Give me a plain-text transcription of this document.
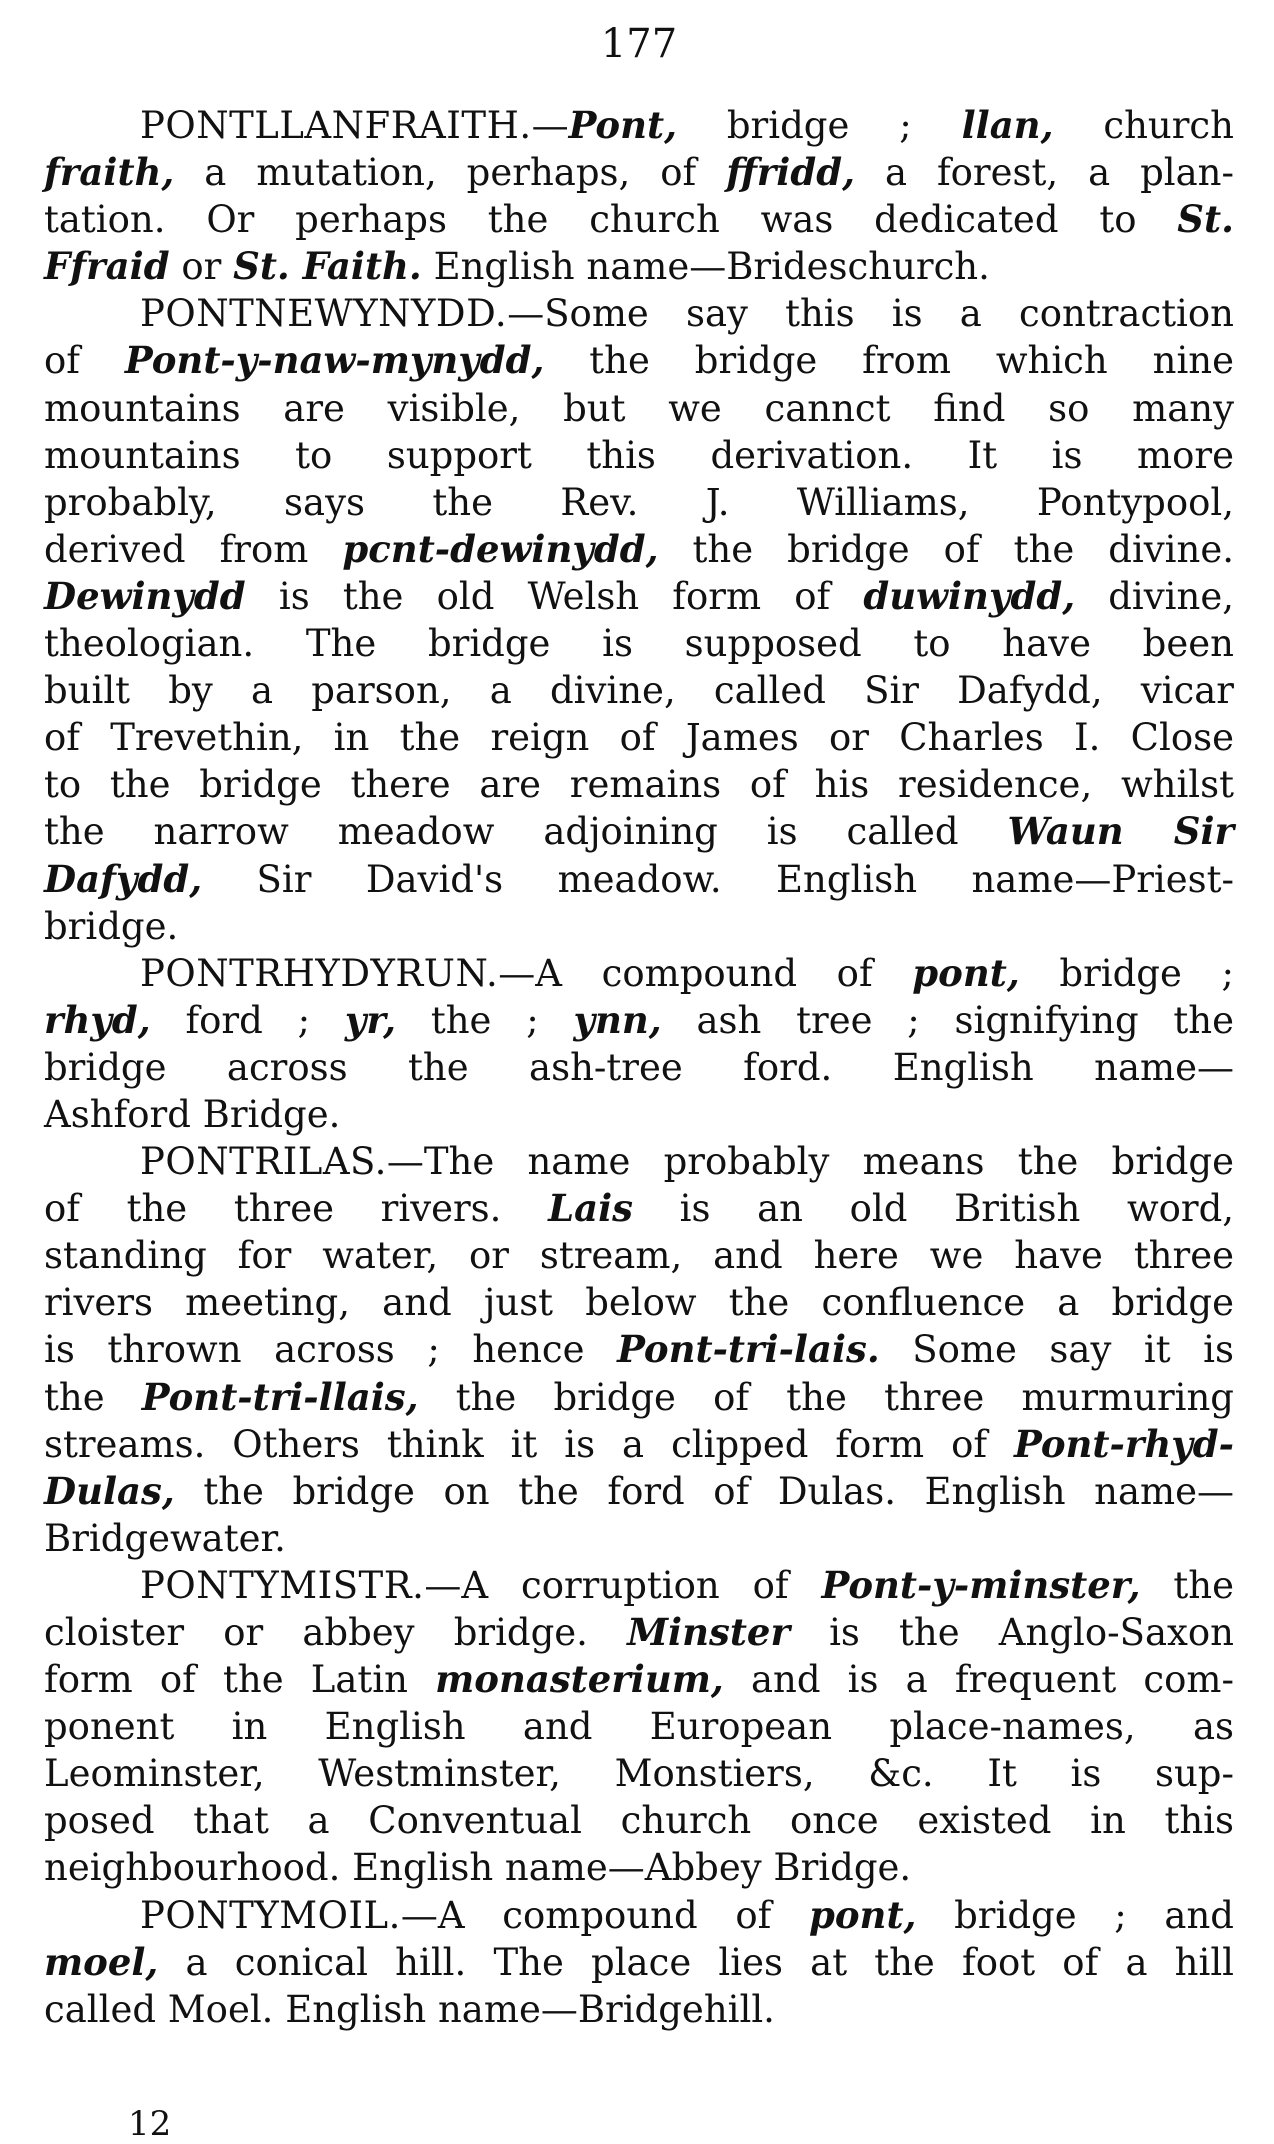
177
PONTLLANFRAITH.—Pont, bridge ; llan, church
fraith, a mutation, perhaps, of ffridd, a forest, a plan-
tation. Or perhaps the church was dedicated to St.
Ffraid or St. Faith. English name—Brideschurch.
PONTNEWYNYDD.—Some say this is a contraction
of Pont-y-naw-mynydd, the bridge from which nine
mountains are visible, but we cannct find so many
mountains to support this derivation. It is more
probably, says the Rev. J. Williams, Pontypool,
derived from pcnt-dewinydd, the bridge of the divine.
Dewinydd is the old Welsh form of duwinydd, divine,
theologian. The bridge is supposed to have been
built by a parson, a divine, called Sir Dafydd, vicar
of Trevethin, in the reign of James or Charles I. Close
to the bridge there are remains of his residence, whilst
the narrow meadow adjoining is called Waun Sir
Dafydd, Sir David's meadow. English name—Priest-
bridge.
PONTRHYDYRUN.—A compound of pont, bridge ;
rhyd, ford ; yr, the ; ynn, ash tree ; signifying the
bridge across the ash-tree ford. English name—
Ashford Bridge.
PONTRILAS.—The name probably means the bridge
of the three rivers. Lais is an old British word,
standing for water, or stream, and here we have three
rivers meeting, and just below the confluence a bridge
is thrown across ; hence Pont-tri-lais. Some say it is
the Pont-tri-llais, the bridge of the three murmuring
streams. Others think it is a clipped form of Pont-rhyd-
Dulas, the bridge on the ford of Dulas. English name—
Bridgewater.
PONTYMISTR.—A corruption of Pont-y-minster, the
cloister or abbey bridge. Minster is the Anglo-Saxon
form of the Latin monasterium, and is a frequent com-
ponent in English and European place-names, as
Leominster, Westminster, Monstiers, &c. It is sup-
posed that a Conventual church once existed in this
neighbourhood. English name—Abbey Bridge.
PONTYMOIL.—A compound of pont, bridge ; and
moel, a conical hill. The place lies at the foot of a hill
called Moel. English name—Bridgehill.
12
